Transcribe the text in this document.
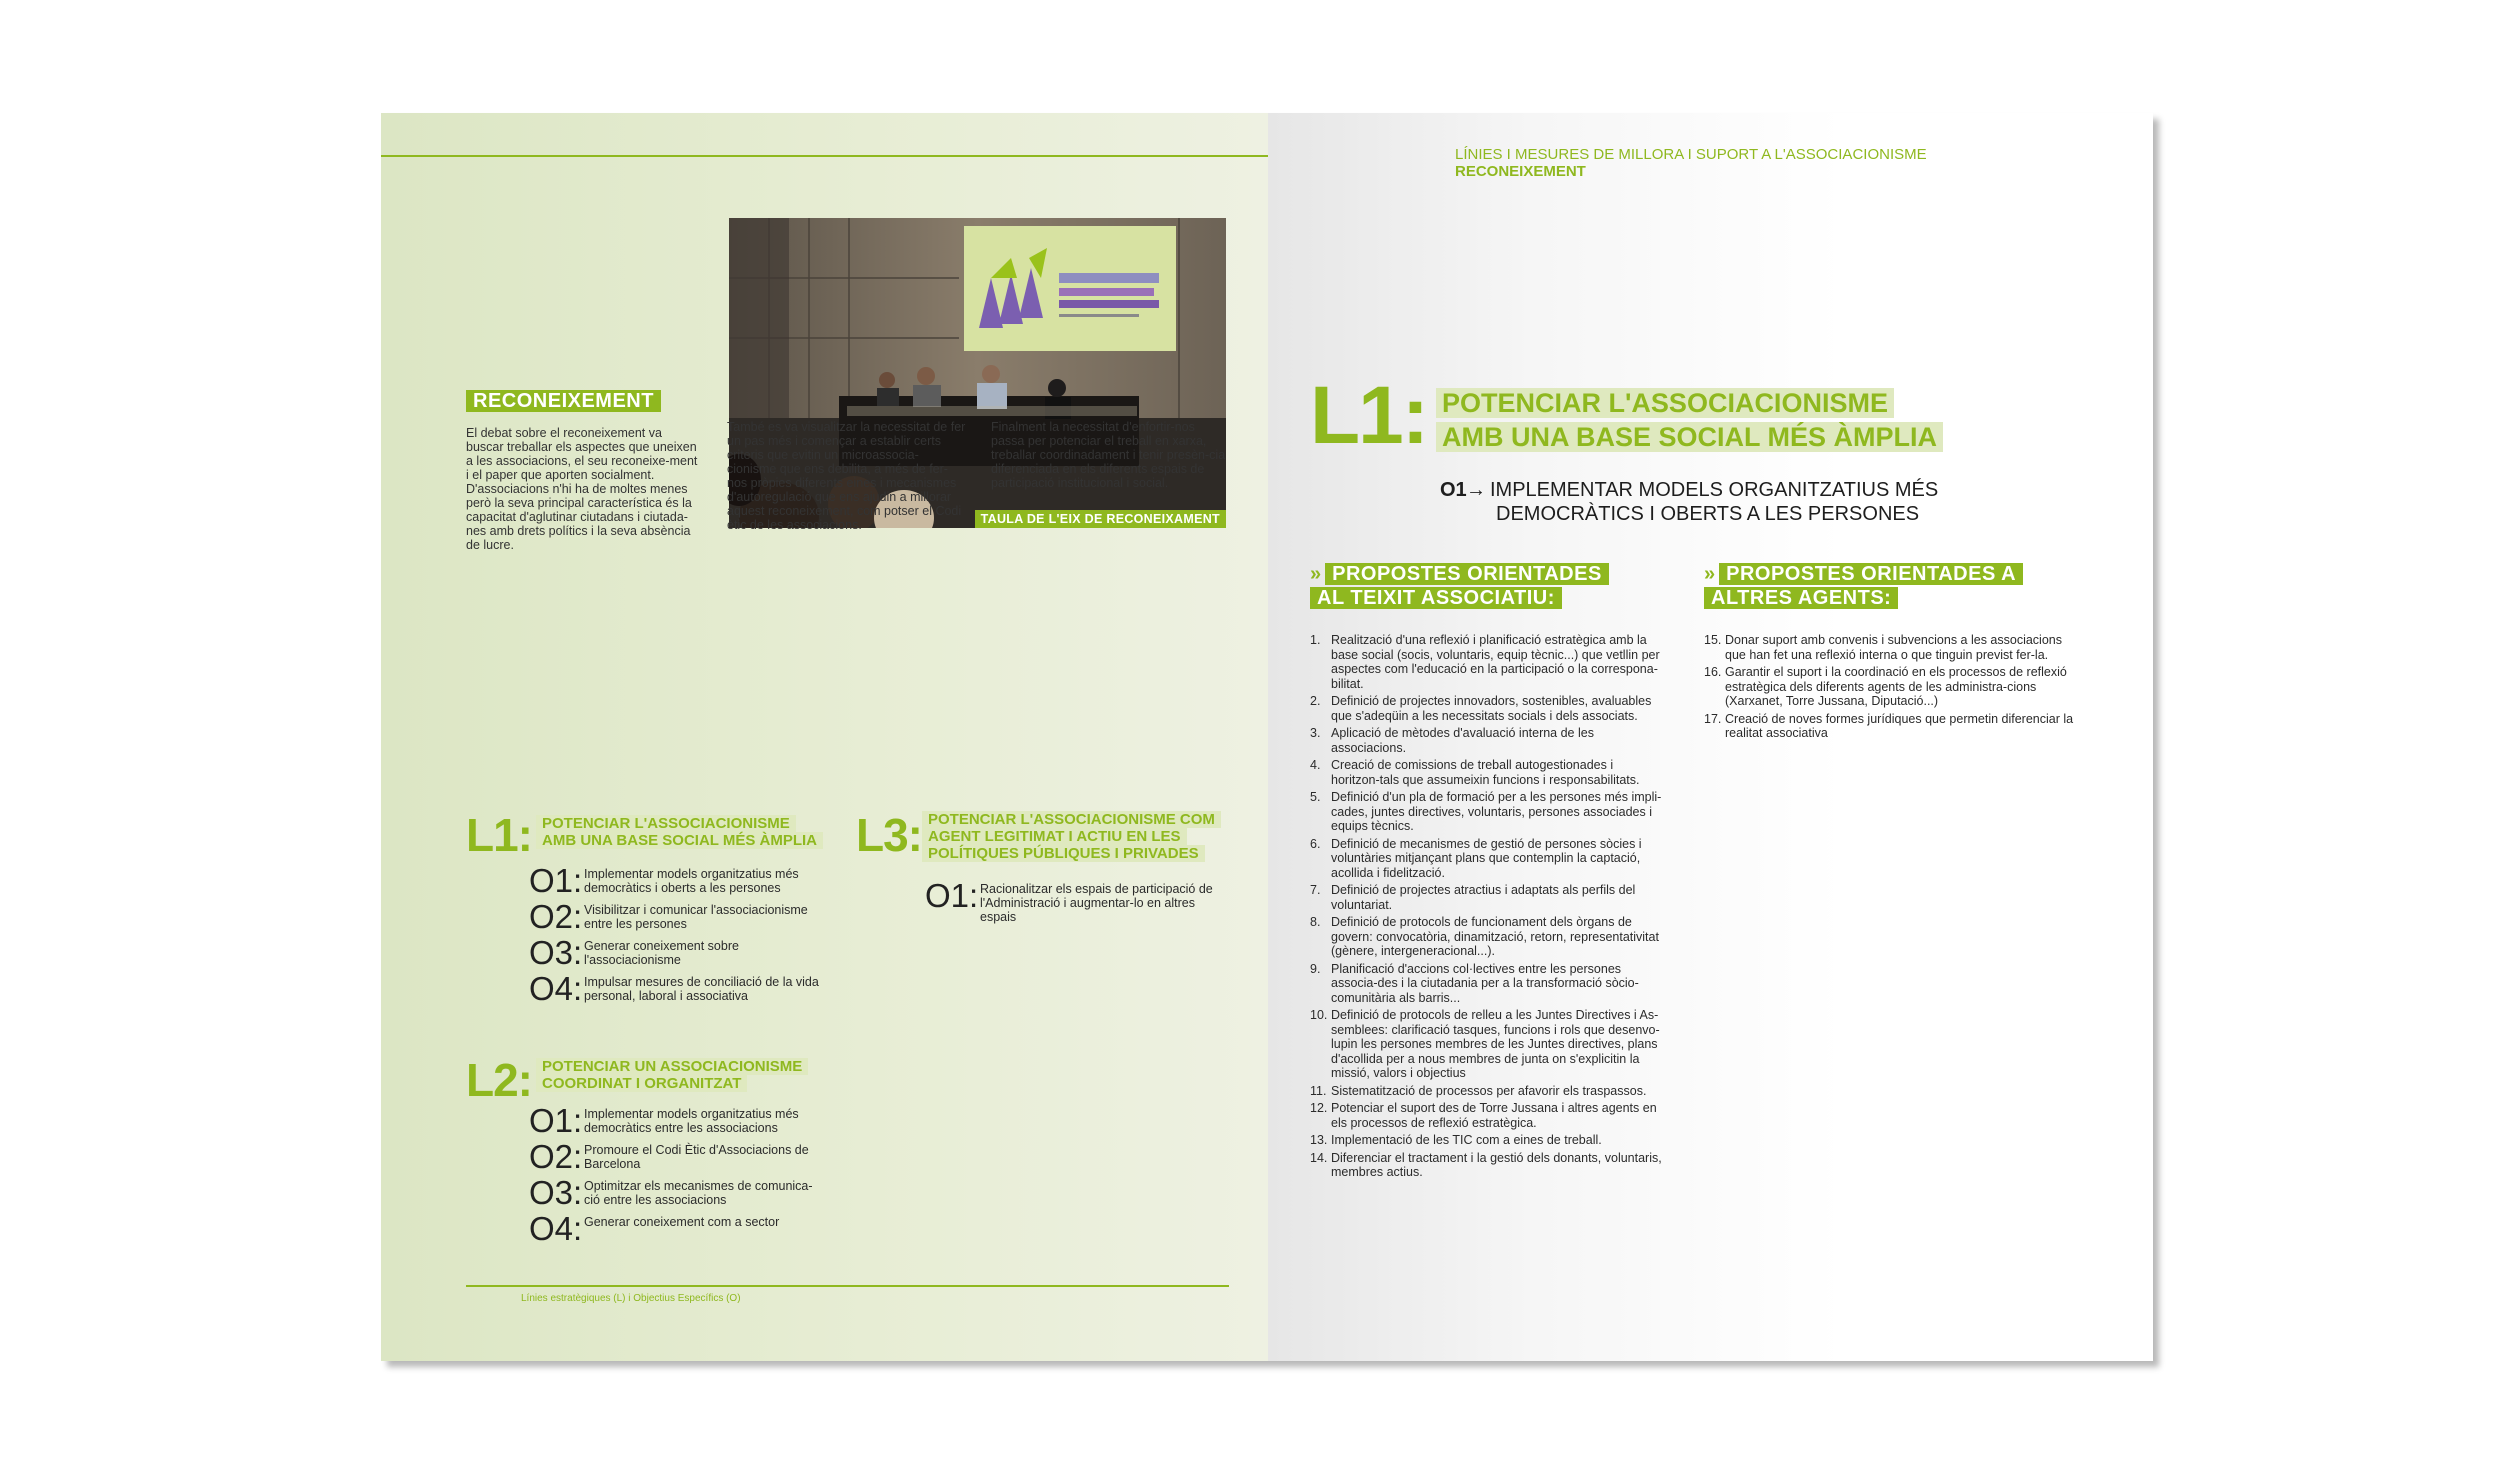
TAULA DE L'EIX DE RECONEIXAMENT
RECONEIXEMENT
El debat sobre el reconeixement va buscar treballar els aspectes que uneixen a les associacions, el seu reconeixe-ment i el paper que aporten socialment. D'associacions n'hi ha de moltes menes però la seva principal característica és la capacitat d'aglutinar ciutadans i ciutada-nes amb drets polítics i la seva absència de lucre.
També es va visualitzar la necessitat de fer un pas més i començar a establir certs criteris que evitin un microassocia-cionisme que ens debilita, a més de fer-nos pròpies diferents eines i mecanismes d'autoregulació que ens ajudin a millorar aquest reconeixement, com potser el Codi ètic de les associacions.
Finalment la necessitat d'enfortir-nos passa per potenciar el treball en xarxa, treballar coordinadament i tenir presèn-cia diferenciada en els diferents espais de participació institucional i social.
L1: POTENCIAR L'ASSOCIACIONISME
AMB UNA BASE SOCIAL MÉS ÀMPLIA
O1: Implementar models organitzatius més
democràtics i oberts a les persones
O2: Visibilitzar i comunicar l'associacionisme
entre les persones
O3: Generar coneixement sobre
l'associacionisme
O4: Impulsar mesures de conciliació de la vida
personal, laboral i associativa
L3: POTENCIAR L'ASSOCIACIONISME COM
AGENT LEGITIMAT I ACTIU EN LES
POLÍTIQUES PÚBLIQUES I PRIVADES
O1: Racionalitzar els espais de participació de
l'Administració i augmentar-lo en altres
espais
L2: POTENCIAR UN ASSOCIACIONISME
COORDINAT I ORGANITZAT
O1: Implementar models organitzatius més
democràtics entre les associacions
O2: Promoure el Codi Ètic d'Associacions de
Barcelona
O3: Optimitzar els mecanismes de comunica-
ció entre les associacions
O4: Generar coneixement com a sector
Línies estratègiques (L) i Objectius Específics (O)
LÍNIES I MESURES DE MILLORA I SUPORT A L'ASSOCIACIONISME
RECONEIXEMENT
L1: POTENCIAR L'ASSOCIACIONISME
AMB UNA BASE SOCIAL MÉS ÀMPLIA
O1 → IMPLEMENTAR MODELS ORGANITZATIUS MÉS
DEMOCRÀTICS I OBERTS A LES PERSONES
» PROPOSTES ORIENTADES
AL TEIXIT ASSOCIATIU:
» PROPOSTES ORIENTADES A
ALTRES AGENTS:
1. Realització d'una reflexió i planificació estratègica amb la base social (socis, voluntaris, equip tècnic...) que vetllin per aspectes com l'educació en la participació o la correspona-bilitat.
2. Definició de projectes innovadors, sostenibles, avaluables que s'adeqüin a les necessitats socials i dels associats.
3. Aplicació de mètodes d'avaluació interna de les associacions.
4. Creació de comissions de treball autogestionades i horitzon-tals que assumeixin funcions i responsabilitats.
5. Definició d'un pla de formació per a les persones més impli-cades, juntes directives, voluntaris, persones associades i equips tècnics.
6. Definició de mecanismes de gestió de persones sòcies i voluntàries mitjançant plans que contemplin la captació, acollida i fidelització.
7. Definició de projectes atractius i adaptats als perfils del voluntariat.
8. Definició de protocols de funcionament dels òrgans de govern: convocatòria, dinamització, retorn, representativitat (gènere, intergeneracional...).
9. Planificació d'accions col·lectives entre les persones associa-des i la ciutadania per a la transformació sòcio-comunitària als barris...
10. Definició de protocols de relleu a les Juntes Directives i As-semblees: clarificació tasques, funcions i rols que desenvo-lupin les persones membres de les Juntes directives, plans d'acollida per a nous membres de junta on s'explicitin la missió, valors i objectius
11. Sistematització de processos per afavorir els traspassos.
12. Potenciar el suport des de Torre Jussana i altres agents en els processos de reflexió estratègica.
13. Implementació de les TIC com a eines de treball.
14. Diferenciar el tractament i la gestió dels donants, voluntaris, membres actius.
15. Donar suport amb convenis i subvencions a les associacions que han fet una reflexió interna o que tinguin previst fer-la.
16. Garantir el suport i la coordinació en els processos de reflexió estratègica dels diferents agents de les administra-cions (Xarxanet, Torre Jussana, Diputació...)
17. Creació de noves formes jurídiques que permetin diferenciar la realitat associativa
